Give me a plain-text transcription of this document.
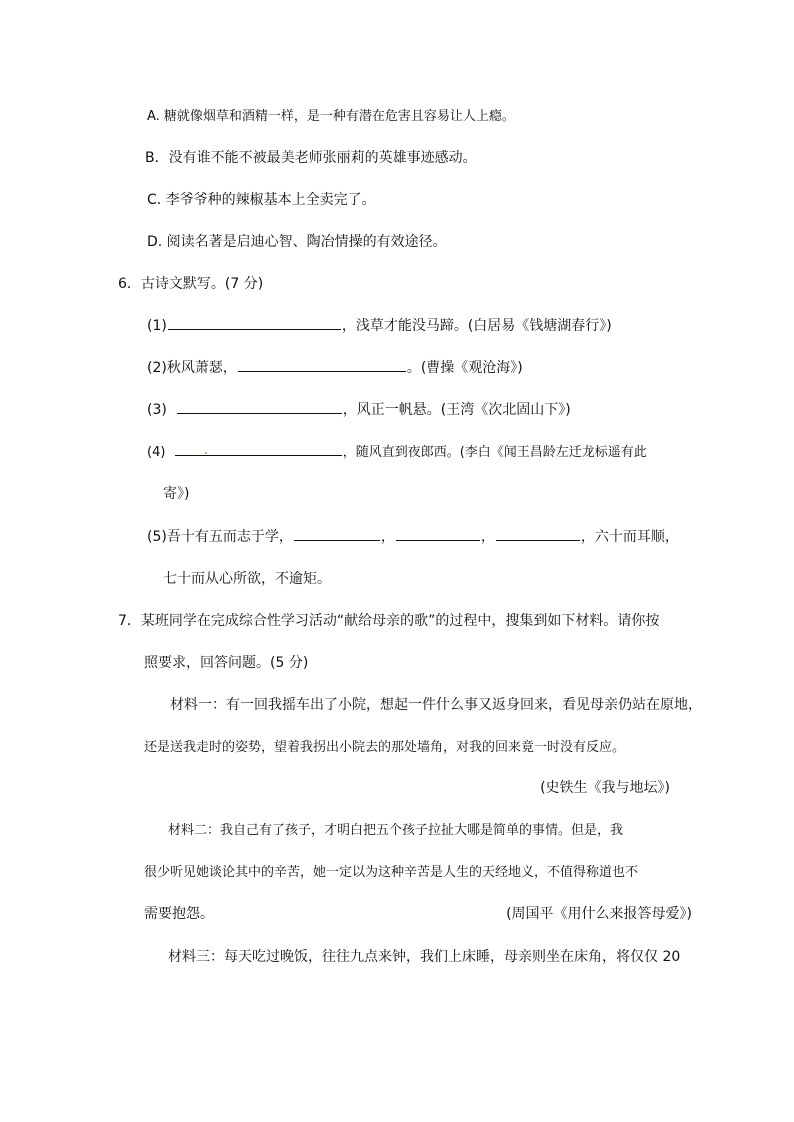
A. 糖就像烟草和酒精一样，是一种有潜在危害且容易让人上瘾。
B．没有谁不能不被最美老师张丽莉的英雄事迹感动。
C. 李爷爷种的辣椒基本上全卖完了。
D. 阅读名著是启迪心智、陶冶情操的有效途径。
6．古诗文默写。(7 分)
(1)	，浅草才能没马蹄。(白居易《钱塘湖春行》)
(2)秋风萧瑟，	。(曹操《观沧海》)
(3)	，风正一帆悬。(王湾《次北固山下》)
(4)	，随风直到夜郎西。(李白《闻王昌龄左迁龙标遥有此
寄》)
(5)吾十有五而志于学，	，	，	，六十而耳顺，
七十而从心所欲，不逾矩。
7．某班同学在完成综合性学习活动“献给母亲的歌”的过程中，搜集到如下材料。请你按
照要求，回答问题。(5 分)
材料一：有一回我摇车出了小院，想起一件什么事又返身回来，看见母亲仍站在原地，
还是送我走时的姿势，望着我拐出小院去的那处墙角，对我的回来竟一时没有反应。
(史铁生《我与地坛》)
材料二：我自己有了孩子，才明白把五个孩子拉扯大哪是简单的事情。但是，我
很少听见她谈论其中的辛苦，她一定以为这种辛苦是人生的天经地义，不值得称道也不
需要抱怨。	(周国平《用什么来报答母爱》)
材料三：每天吃过晚饭，往往九点来钟，我们上床睡，母亲则坐在床角，将仅仅 20
